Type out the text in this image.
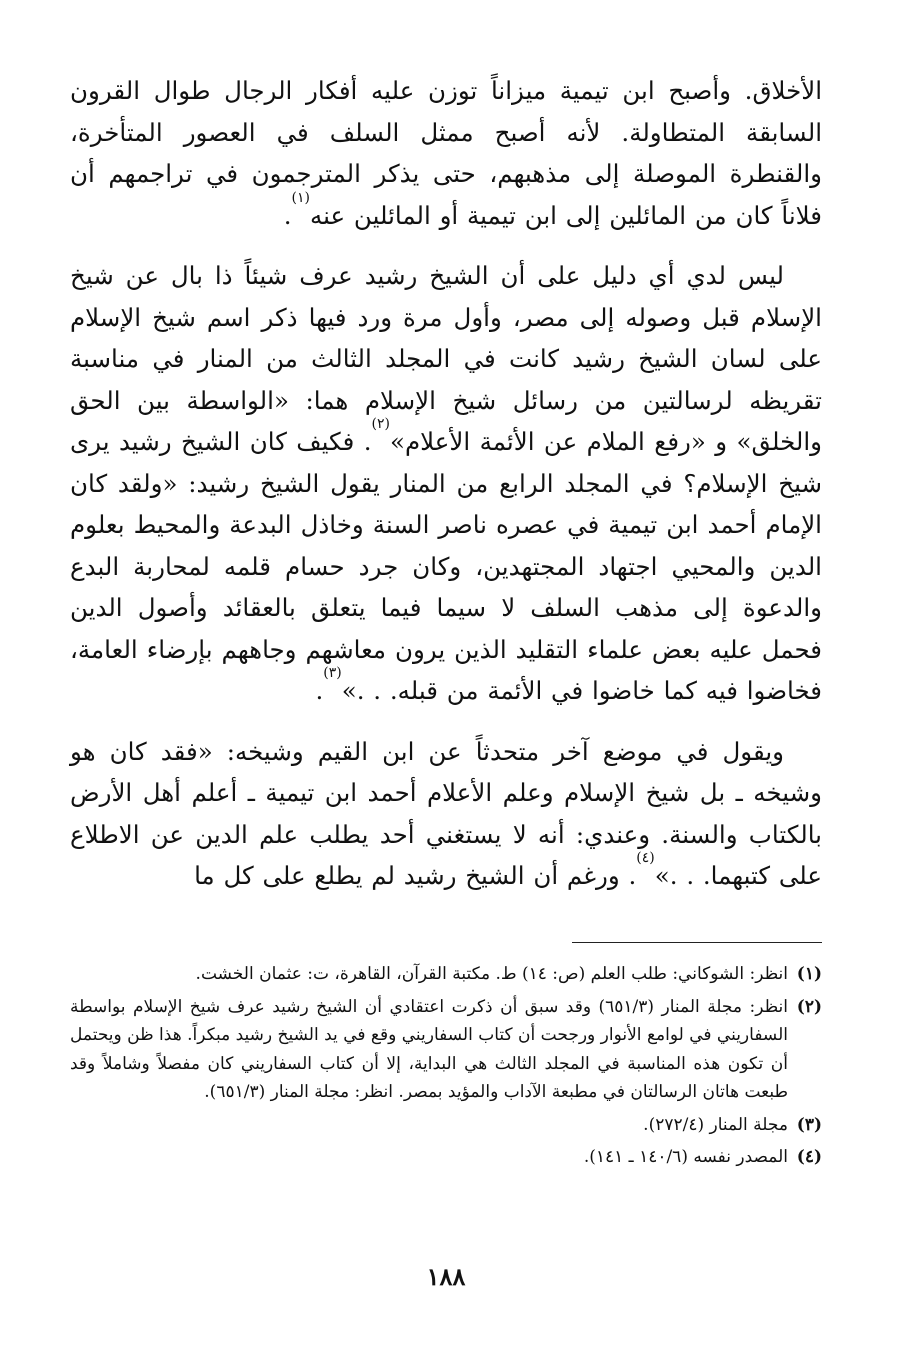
الأخلاق. وأصبح ابن تيمية ميزاناً توزن عليه أفكار الرجال طوال القرون السابقة المتطاولة. لأنه أصبح ممثل السلف في العصور المتأخرة، والقنطرة الموصلة إلى مذهبهم، حتى يذكر المترجمون في تراجمهم أن فلاناً كان من المائلين إلى ابن تيمية أو المائلين عنه$^{(١)}$.

ليس لدي أي دليل على أن الشيخ رشيد عرف شيئاً ذا بال عن شيخ الإسلام قبل وصوله إلى مصر، وأول مرة ورد فيها ذكر اسم شيخ الإسلام على لسان الشيخ رشيد كانت في المجلد الثالث من المنار في مناسبة تقريظه لرسالتين من رسائل شيخ الإسلام هما: «الواسطة بين الحق والخلق» و «رفع الملام عن الأئمة الأعلام»$^{(٢)}$. فكيف كان الشيخ رشيد يرى شيخ الإسلام؟ في المجلد الرابع من المنار يقول الشيخ رشيد: «ولقد كان الإمام أحمد ابن تيمية في عصره ناصر السنة وخاذل البدعة والمحيط بعلوم الدين والمحيي اجتهاد المجتهدين، وكان جرد حسام قلمه لمحاربة البدع والدعوة إلى مذهب السلف لا سيما فيما يتعلق بالعقائد وأصول الدين فحمل عليه بعض علماء التقليد الذين يرون معاشهم وجاههم بإرضاء العامة، فخاضوا فيه كما خاضوا في الأئمة من قبله. . .»$^{(٣)}$.

ويقول في موضع آخر متحدثاً عن ابن القيم وشيخه: «فقد كان هو وشيخه ـ بل شيخ الإسلام وعلم الأعلام أحمد ابن تيمية ـ أعلم أهل الأرض بالكتاب والسنة. وعندي: أنه لا يستغني أحد يطلب علم الدين عن الاطلاع على كتبهما. . .»$^{(٤)}$. ورغم أن الشيخ رشيد لم يطلع على كل ما

(١)
انظر: الشوكاني: طلب العلم (ص: ١٤) ط. مكتبة القرآن، القاهرة، ت: عثمان الخشت.
(٢)
انظر: مجلة المنار (٦٥١/٣) وقد سبق أن ذكرت اعتقادي أن الشيخ رشيد عرف شيخ الإسلام بواسطة السفاريني في لوامع الأنوار ورجحت أن كتاب السفاريني وقع في يد الشيخ رشيد مبكراً. هذا ظن ويحتمل أن تكون هذه المناسبة في المجلد الثالث هي البداية، إلا أن كتاب السفاريني كان مفصلاً وشاملاً وقد طبعت هاتان الرسالتان في مطبعة الآداب والمؤيد بمصر. انظر: مجلة المنار (٦٥١/٣).
(٣)
مجلة المنار (٢٧٢/٤).
(٤)
المصدر نفسه (١٤٠/٦ ـ ١٤١).
١٨٨
